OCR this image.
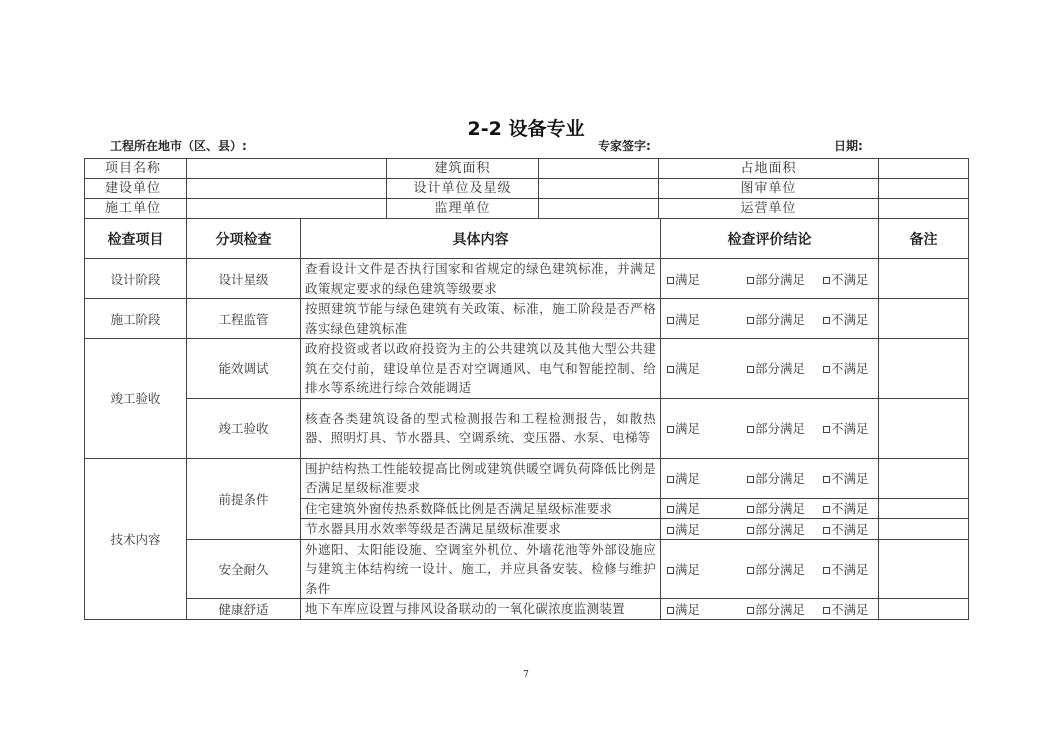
2-2 设备专业
工程所在地市（区、县）:	专家签字:	日期:
项目名称		建筑面积		占地面积	
建设单位		设计单位及星级		图审单位	
施工单位		监理单位		运营单位	
检查项目	分项检查	具体内容	检查评价结论	备注
设计阶段	设计星级	查看设计文件是否执行国家和省规定的绿色建筑标准，并满足政策规定要求的绿色建筑等级要求	满足 部分满足 不满足	
施工阶段	工程监管	按照建筑节能与绿色建筑有关政策、标准，施工阶段是否严格落实绿色建筑标准	满足 部分满足 不满足	
竣工验收	能效调试	政府投资或者以政府投资为主的公共建筑以及其他大型公共建筑在交付前，建设单位是否对空调通风、电气和智能控制、给排水等系统进行综合效能调适	满足 部分满足 不满足	
	竣工验收	核查各类建筑设备的型式检测报告和工程检测报告，如散热器、照明灯具、节水器具、空调系统、变压器、水泵、电梯等	满足 部分满足 不满足	
技术内容	前提条件	围护结构热工性能较提高比例或建筑供暖空调负荷降低比例是否满足星级标准要求	满足 部分满足 不满足	
		住宅建筑外窗传热系数降低比例是否满足星级标准要求	满足 部分满足 不满足	
		节水器具用水效率等级是否满足星级标准要求	满足 部分满足 不满足	
	安全耐久	外遮阳、太阳能设施、空调室外机位、外墙花池等外部设施应与建筑主体结构统一设计、施工，并应具备安装、检修与维护条件	满足 部分满足 不满足	
	健康舒适	地下车库应设置与排风设备联动的一氧化碳浓度监测装置	满足 部分满足 不满足	
7
